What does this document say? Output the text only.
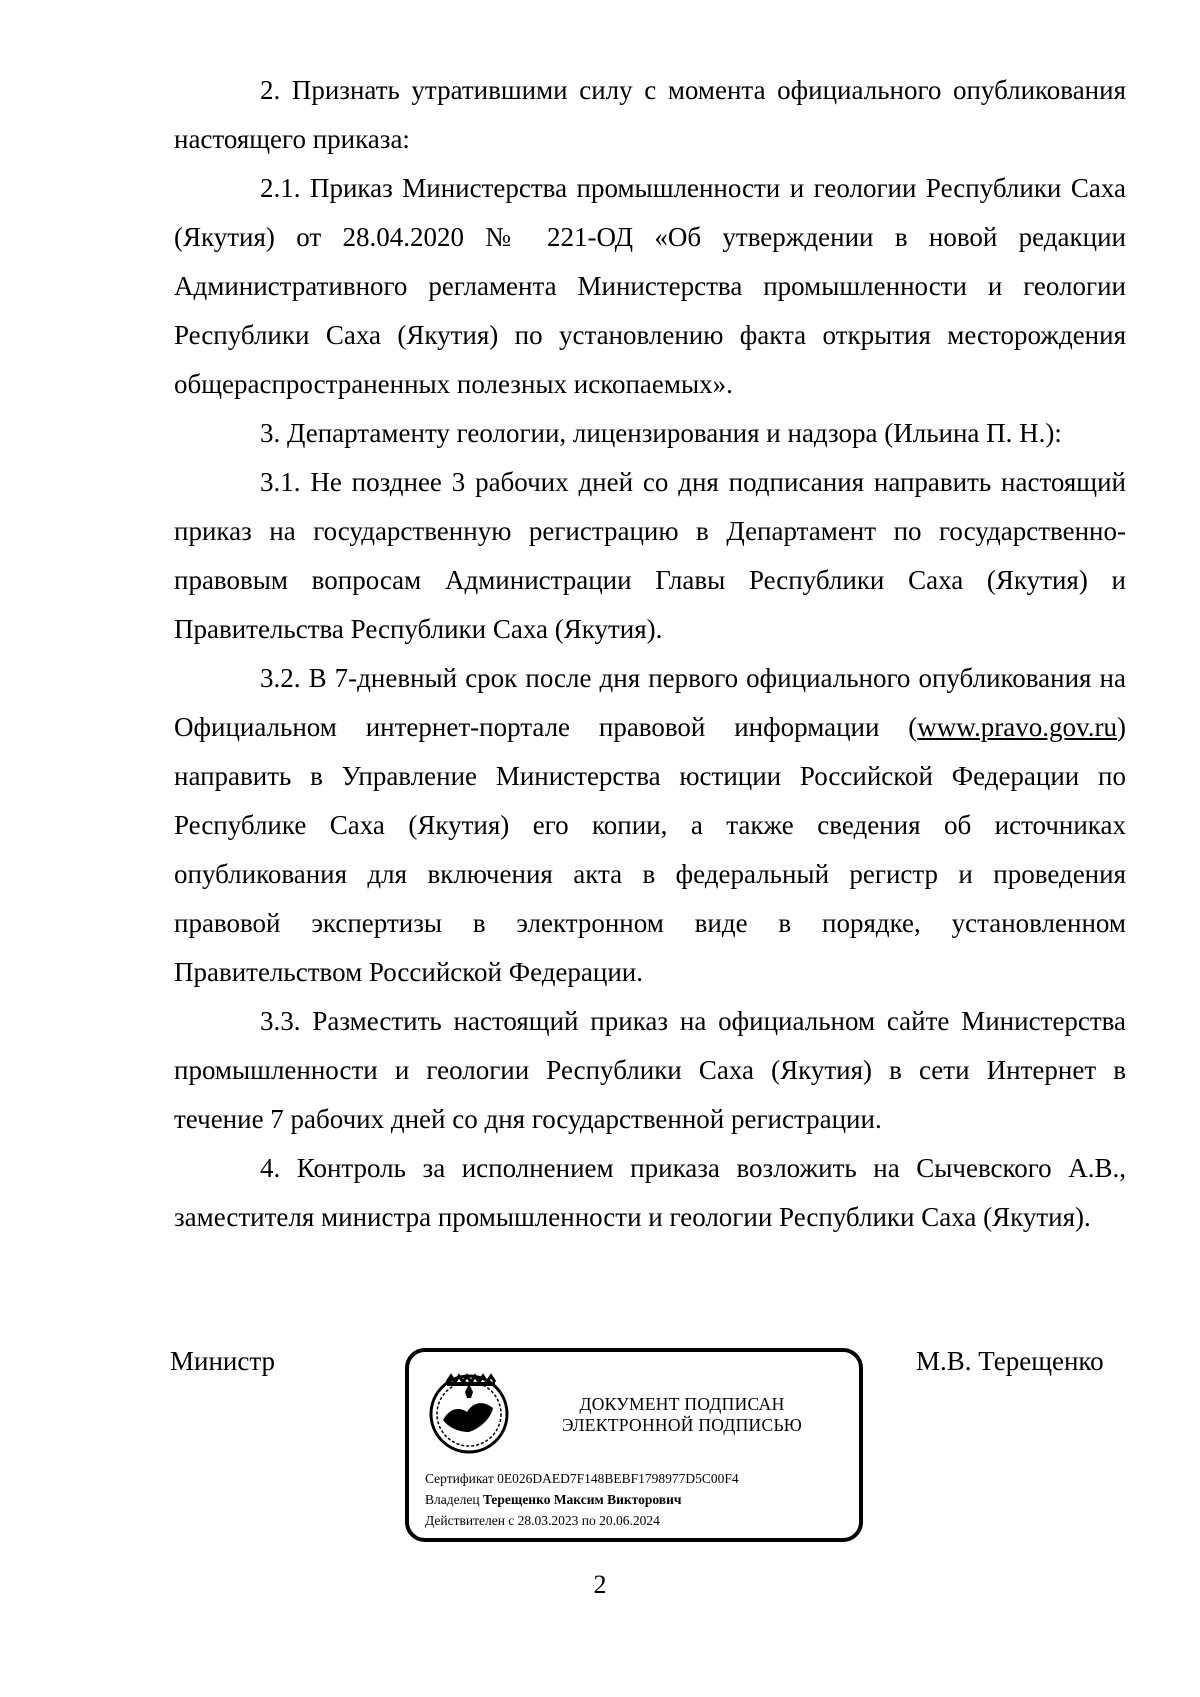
2. Признать утратившими силу с момента официального опубликования настоящего приказа:

2.1. Приказ Министерства промышленности и геологии Республики Саха (Якутия) от 28.04.2020 № 221-ОД «Об утверждении в новой редакции Административного регламента Министерства промышленности и геологии Республики Саха (Якутия) по установлению факта открытия месторождения общераспространенных полезных ископаемых».

3. Департаменту геологии, лицензирования и надзора (Ильина П. Н.):

3.1. Не позднее 3 рабочих дней со дня подписания направить настоящий приказ на государственную регистрацию в Департамент по государственно-правовым вопросам Администрации Главы Республики Саха (Якутия) и Правительства Республики Саха (Якутия).

3.2. В 7-дневный срок после дня первого официального опубликования на Официальном интернет-портале правовой информации (www.pravo.gov.ru) направить в Управление Министерства юстиции Российской Федерации по Республике Саха (Якутия) его копии, а также сведения об источниках опубликования для включения акта в федеральный регистр и проведения правовой экспертизы в электронном виде в порядке, установленном Правительством Российской Федерации.

3.3. Разместить настоящий приказ на официальном сайте Министерства промышленности и геологии Республики Саха (Якутия) в сети Интернет в течение 7 рабочих дней со дня государственной регистрации.

4. Контроль за исполнением приказа возложить на Сычевского А.В., заместителя министра промышленности и геологии Республики Саха (Якутия).

Министр	М.В. Терещенко
ДОКУМЕНТ ПОДПИСАН
ЭЛЕКТРОННОЙ ПОДПИСЬЮ
Сертификат 0E026DAED7F148BEBF1798977D5C00F4
Владелец Терещенко Максим Викторович
Действителен с 28.03.2023 по 20.06.2024
2
